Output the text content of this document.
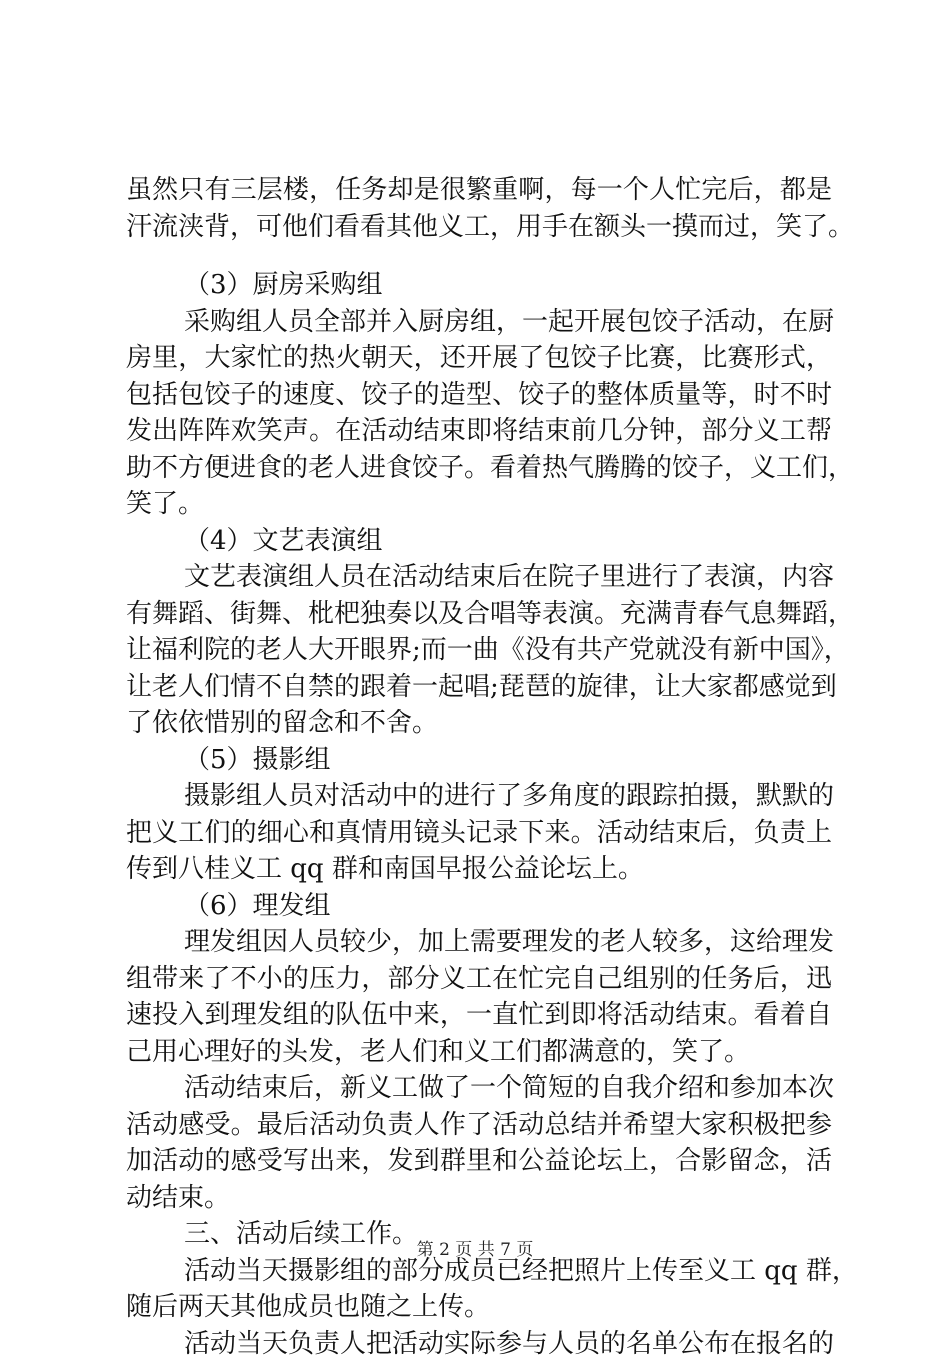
虽然只有三层楼，任务却是很繁重啊，每一个人忙完后，都是
汗流浃背，可他们看看其他义工，用手在额头一摸而过，笑了。
（3）厨房采购组
采购组人员全部并入厨房组，一起开展包饺子活动，在厨
房里，大家忙的热火朝天，还开展了包饺子比赛，比赛形式，
包括包饺子的速度、饺子的造型、饺子的整体质量等，时不时
发出阵阵欢笑声。在活动结束即将结束前几分钟，部分义工帮
助不方便进食的老人进食饺子。看着热气腾腾的饺子，义工们，
笑了。
（4）文艺表演组
文艺表演组人员在活动结束后在院子里进行了表演，内容
有舞蹈、街舞、枇杷独奏以及合唱等表演。充满青春气息舞蹈，
让福利院的老人大开眼界;而一曲《没有共产党就没有新中国》，
让老人们情不自禁的跟着一起唱;琵琶的旋律，让大家都感觉到
了依依惜别的留念和不舍。
（5）摄影组
摄影组人员对活动中的进行了多角度的跟踪拍摄，默默的
把义工们的细心和真情用镜头记录下来。活动结束后，负责上
传到八桂义工 qq 群和南国早报公益论坛上。
（6）理发组
理发组因人员较少，加上需要理发的老人较多，这给理发
组带来了不小的压力，部分义工在忙完自己组别的任务后，迅
速投入到理发组的队伍中来，一直忙到即将活动结束。看着自
己用心理好的头发，老人们和义工们都满意的，笑了。
活动结束后，新义工做了一个简短的自我介绍和参加本次
活动感受。最后活动负责人作了活动总结并希望大家积极把参
加活动的感受写出来，发到群里和公益论坛上，合影留念，活
动结束。
三、活动后续工作。
活动当天摄影组的部分成员已经把照片上传至义工 qq 群，
随后两天其他成员也随之上传。
活动当天负责人把活动实际参与人员的名单公布在报名的
第 2 页 共 7 页
